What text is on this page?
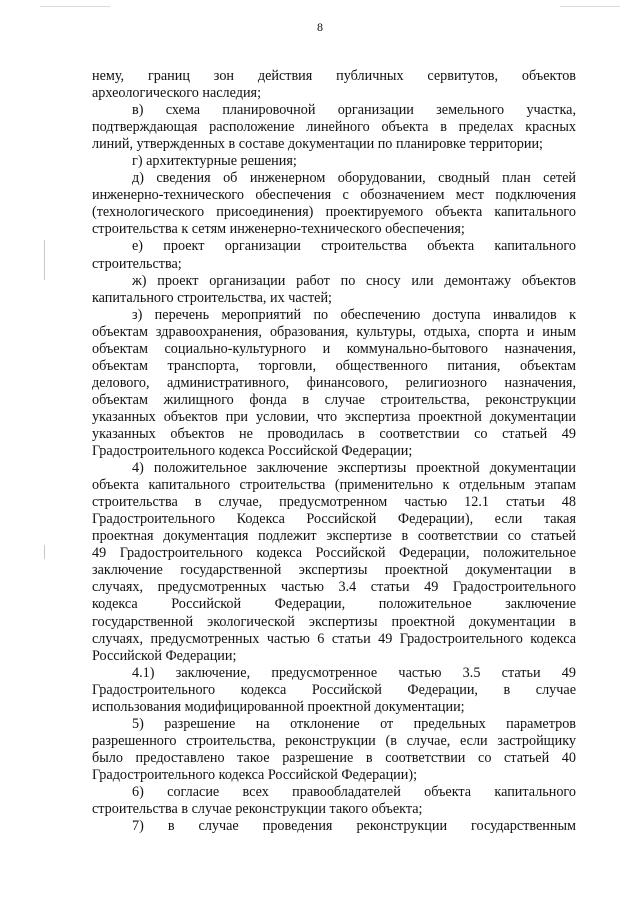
8
нему, границ зон действия публичных сервитутов, объектов
археологического наследия;
в) схема планировочной организации земельного участка,
подтверждающая расположение линейного объекта в пределах красных
линий, утвержденных в составе документации по планировке территории;
г) архитектурные решения;
д) сведения об инженерном оборудовании, сводный план сетей
инженерно-технического обеспечения с обозначением мест подключения
(технологического присоединения) проектируемого объекта капитального
строительства к сетям инженерно-технического обеспечения;
е) проект организации строительства объекта капитального
строительства;
ж) проект организации работ по сносу или демонтажу объектов
капитального строительства, их частей;
з) перечень мероприятий по обеспечению доступа инвалидов к
объектам здравоохранения, образования, культуры, отдыха, спорта и иным
объектам социально-культурного и коммунально-бытового назначения,
объектам транспорта, торговли, общественного питания, объектам
делового, административного, финансового, религиозного назначения,
объектам жилищного фонда в случае строительства, реконструкции
указанных объектов при условии, что экспертиза проектной документации
указанных объектов не проводилась в соответствии со статьей 49
Градостроительного кодекса Российской Федерации;
4) положительное заключение экспертизы проектной документации
объекта капитального строительства (применительно к отдельным этапам
строительства в случае, предусмотренном частью 12.1 статьи 48
Градостроительного Кодекса Российской Федерации), если такая
проектная документация подлежит экспертизе в соответствии со статьей
49 Градостроительного кодекса Российской Федерации, положительное
заключение государственной экспертизы проектной документации в
случаях, предусмотренных частью 3.4 статьи 49 Градостроительного
кодекса Российской Федерации, положительное заключение
государственной экологической экспертизы проектной документации в
случаях, предусмотренных частью 6 статьи 49 Градостроительного кодекса
Российской Федерации;
4.1) заключение, предусмотренное частью 3.5 статьи 49
Градостроительного кодекса Российской Федерации, в случае
использования модифицированной проектной документации;
5) разрешение на отклонение от предельных параметров
разрешенного строительства, реконструкции (в случае, если застройщику
было предоставлено такое разрешение в соответствии со статьей 40
Градостроительного кодекса Российской Федерации);
6) согласие всех правообладателей объекта капитального
строительства в случае реконструкции такого объекта;
7) в случае проведения реконструкции государственным
